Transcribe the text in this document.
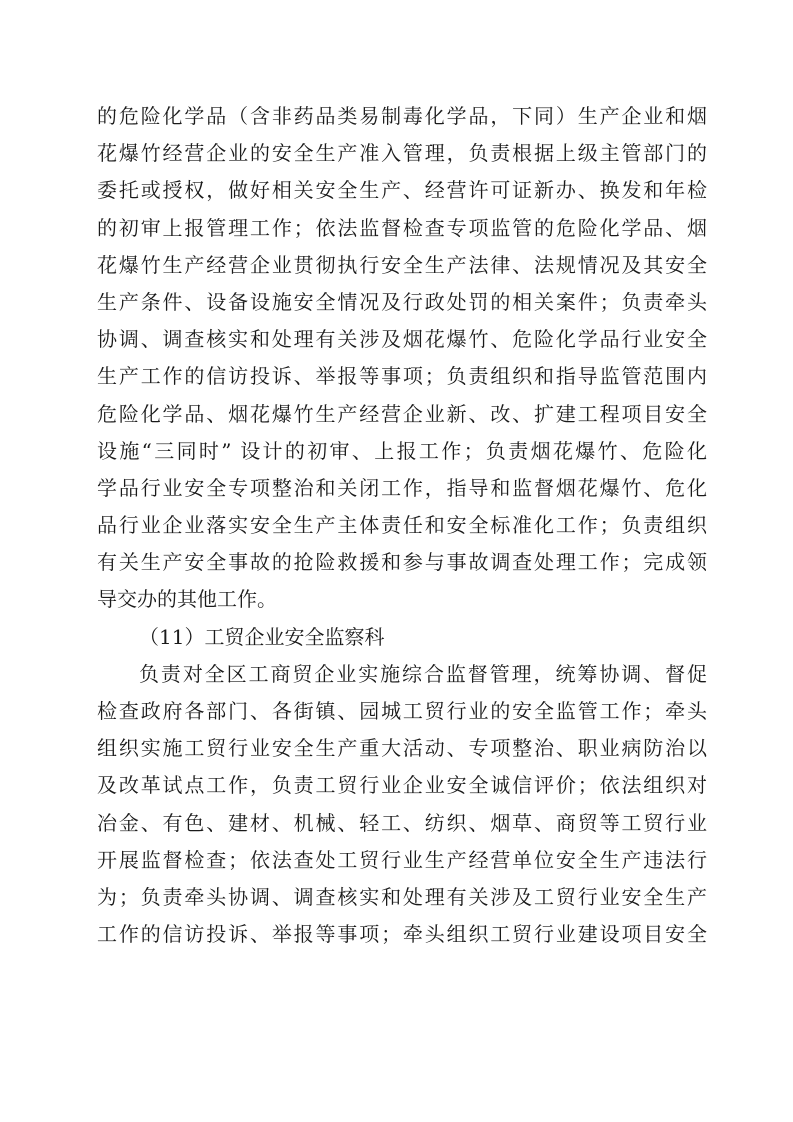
的危险化学品（含非药品类易制毒化学品，下同）生产企业和烟
花爆竹经营企业的安全生产准入管理，负责根据上级主管部门的
委托或授权，做好相关安全生产、经营许可证新办、换发和年检
的初审上报管理工作；依法监督检查专项监管的危险化学品、烟
花爆竹生产经营企业贯彻执行安全生产法律、法规情况及其安全
生产条件、设备设施安全情况及行政处罚的相关案件；负责牵头
协调、调查核实和处理有关涉及烟花爆竹、危险化学品行业安全
生产工作的信访投诉、举报等事项；负责组织和指导监管范围内
危险化学品、烟花爆竹生产经营企业新、改、扩建工程项目安全
设施“三同时” 设计的初审、上报工作；负责烟花爆竹、危险化
学品行业安全专项整治和关闭工作，指导和监督烟花爆竹、危化
品行业企业落实安全生产主体责任和安全标准化工作；负责组织
有关生产安全事故的抢险救援和参与事故调查处理工作；完成领
导交办的其他工作。
（11）工贸企业安全监察科
负责对全区工商贸企业实施综合监督管理，统筹协调、督促
检查政府各部门、各街镇、园城工贸行业的安全监管工作；牵头
组织实施工贸行业安全生产重大活动、专项整治、职业病防治以
及改革试点工作，负责工贸行业企业安全诚信评价；依法组织对
冶金、有色、建材、机械、轻工、纺织、烟草、商贸等工贸行业
开展监督检查；依法查处工贸行业生产经营单位安全生产违法行
为；负责牵头协调、调查核实和处理有关涉及工贸行业安全生产
工作的信访投诉、举报等事项；牵头组织工贸行业建设项目安全
